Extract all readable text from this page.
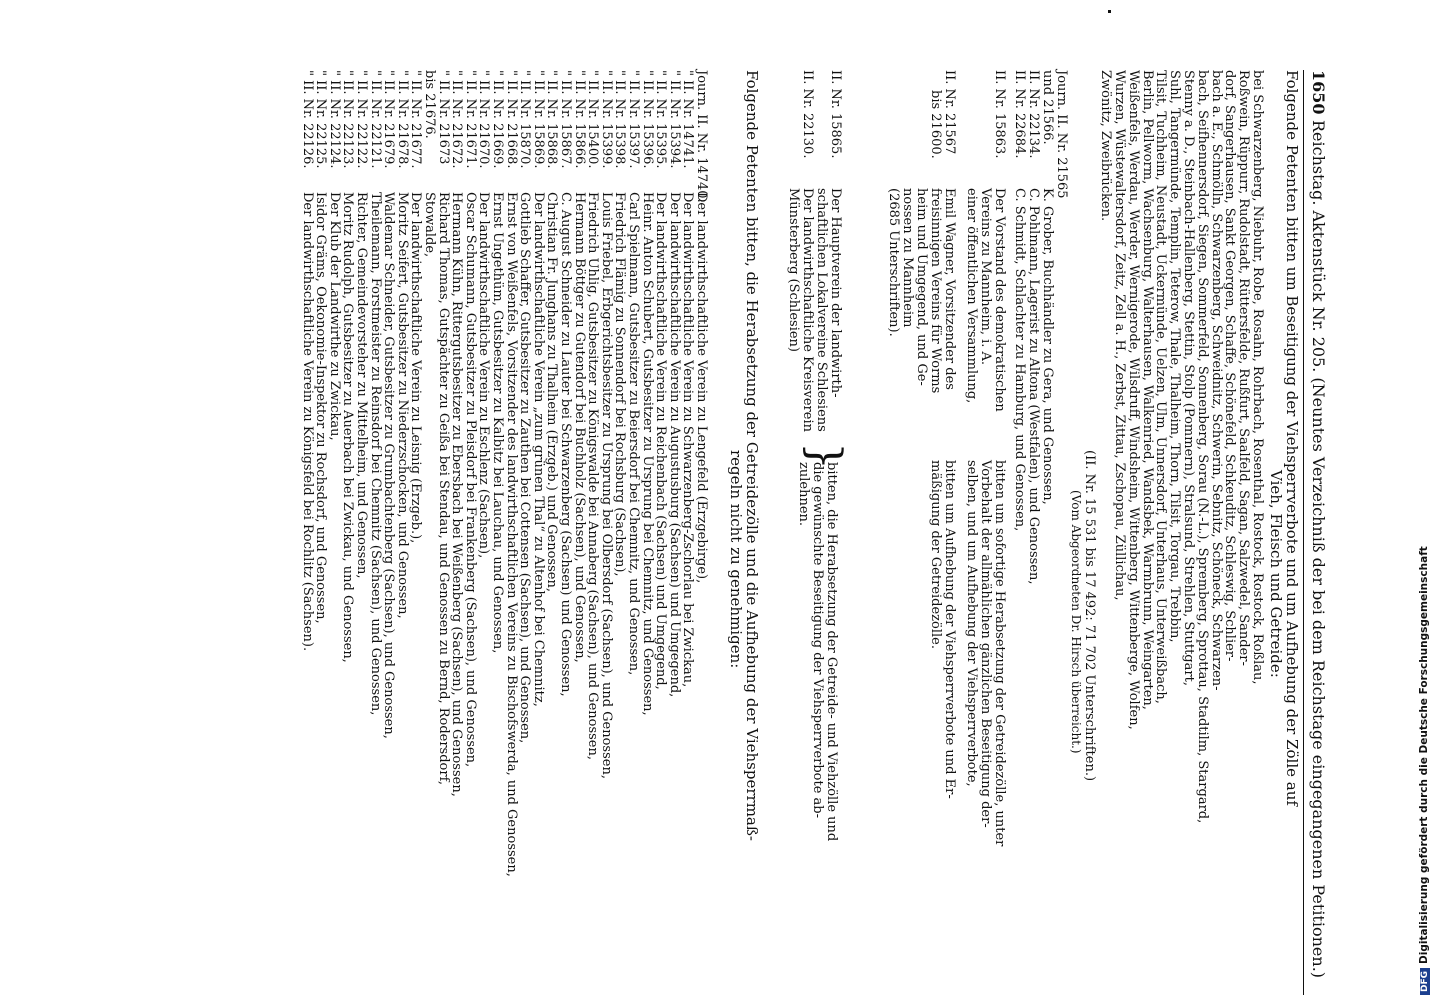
1650
Reichstag. Aktenstück Nr. 205. (Neuntes Verzeichniß der bei dem Reichstage eingegangenen Petitionen.)
Folgende Petenten bitten um Beseitigung der Viehsperrverbote und um Aufhebung der Zölle auf
Vieh, Fleisch und Getreide:
bei Schwarzenberg, Niebuhr, Robe, Rosahn, Rohrbach, Rosenthal, Rostock, Rostock, Roßlau,
Roßwein, Rüppurr, Rudolstadt, Rüttersfelde, Rußfurt, Saalfeld, Sagan, Salzwedel, Sander-
dorf, Sangerhausen, Sankt Georgen, Schaffe, Schönefeld, Schkeuditz, Schleswig, Schlier-
bach a. E., Schmölln, Schwarzenberg, Schweidnitz, Schwerin, Sebnitz, Schöneck, Schwarzen-
bach, Seifhennersdorf, Siegen, Sommerfeld, Sonnenberg, Sorau (N.-L.), Spremberg, Sprottau, Stadtilm, Stargard,
Stenny a. D., Steinbach-Hallenberg, Stettin, Stolp (Pommern), Stralsund, Strehlen, Stuttgart,
Suhl, Tangermünde, Templin, Teterow, Thale, Thalheim, Thorn, Tilsit, Torgau, Trebbin,
Tilsit, Tuchheim, Neustadt, Uckermünde, Uelzen, Ulm, Unnersdorf, Unterhaus, Unterweißbach,
Berlin, Pellworm, Wachsenburg, Walterhausen, Walkenried, Wandsbek, Warmbrunn, Weingarten,
Weißenfels, Werdau, Werder, Wernigerode, Wilsdruff, Windsheim, Wittenberg, Wittenberge, Wolfen,
Wurzen, Wüstewaltersdorf, Zeitz, Zell a. H., Zerbst, Zittau, Zschopau, Züllichau,
Zwönitz, Zweibrücken.
(II. Nr. 15 531 bis 17 492: 71 702 Unterschriften.)
(Vom Abgeordneten Dr. Hirsch überreicht.)
Journ. II. Nr. 21565
und 21566.
K. Grober, Buchhändler zu Gera, und Genossen,
II. Nr. 22134.
C. Pohlmann, Lagerist zu Altona (Westfalen), und Genossen,
II. Nr. 22684.
C. Schmidt, Schlachter zu Hamburg, und Genossen,
II. Nr. 15863.
Der Vorstand des demokratischen
Vereins zu Mannheim, i. A.
einer öffentlichen Versammlung,
bitten um sofortige Herabsetzung der Getreidezölle, unter
Vorbehalt der allmählichen gänzlichen Beseitigung der-
selben, und um Aufhebung der Viehsperrverbote,
II. Nr. 21567
bis 21600.
Emil Wagner, Vorsitzender des
freisinnigen Vereins für Worms
heim und Umgegend, und Ge-
nossen zu Mannheim
(2685 Unterschriften).
bitten um Aufhebung der Viehsperrverbote und Er-
mäßigung der Getreidezölle.
II. Nr. 15865.
Der Hauptverein der landwirth-
schaftlichen Lokalvereine Schlesiens
II. Nr. 22130.
Der landwirthschaftliche Kreisverein
Münsterberg (Schlesien)
}
bitten, die Herabsetzung der Getreide- und Viehzölle und
die gewünschte Beseitigung der Viehsperrverbote ab-
zulehnen.
Folgende Petenten bitten, die Herabsetzung der Getreidezölle und die Aufhebung der Viehsperrmaß-
regeln nicht zu genehmigen:
Journ. II. Nr. 14740.
Der landwirthschaftliche Verein zu Lengefeld (Erzgebirge),
" II. Nr. 14741.
Der landwirthschaftliche Verein zu Schwarzenberg-Zschorlau bei Zwickau,
" II. Nr. 15394.
Der landwirthschaftliche Verein zu Augustusburg (Sachsen) und Umgegend,
" II. Nr. 15395.
Der landwirthschaftliche Verein zu Reichenbach (Sachsen) und Umgegend,
" II. Nr. 15396.
Heinr. Anton Schubert, Gutsbesitzer zu Ursprung bei Chemnitz, und Genossen,
" II. Nr. 15397.
Carl Spielmann, Gutsbesitzer zu Beiersdorf bei Chemnitz, und Genossen,
" II. Nr. 15398.
Friedrich Flämig zu Sonnendorf bei Rochsburg (Sachsen),
" II. Nr. 15399.
Louis Friebel, Erbgerichtsbesitzer zu Ursprung bei Olbersdorf (Sachsen), und Genossen,
" II. Nr. 15400.
Friedrich Uhlig, Gutsbesitzer zu Königswalde bei Annaberg (Sachsen), und Genossen,
" II. Nr. 15866.
Hermann Böttger zu Gutendorf bei Buchholz (Sachsen), und Genossen,
" II. Nr. 15867.
C. August Schneider zu Lauter bei Schwarzenberg (Sachsen) und Genossen,
" II. Nr. 15868.
Christian Fr. Junghans zu Thalheim (Erzgeb.) und Genossen,
" II. Nr. 15869.
Der landwirthschaftliche Verein „zum grünen Thal“ zu Altenhof bei Chemnitz,
" II. Nr. 15870.
Gottlieb Schaffer, Gutsbesitzer zu Zauthen bei Cottensen (Sachsen), und Genossen,
" II. Nr. 21668.
Ernst von Weißenfels, Vorsitzender des landwirthschaftlichen Vereins zu Bischofswerda, und Genossen,
" II. Nr. 21669.
Ernst Ungethüm, Gutsbesitzer zu Kalbitz bei Lauchau, und Genossen,
" II. Nr. 21670.
Der landwirthschaftliche Verein zu Eschlenz (Sachsen),
" II. Nr. 21671.
Oscar Schumann, Gutsbesitzer zu Pleisdorf bei Frankenberg (Sachsen), und Genossen,
" II. Nr. 21672.
Hermann Kühn, Rittergutsbesitzer zu Ebersbach bei Weißenberg (Sachsen), und Genossen,
" II. Nr. 21673
Richard Thomas, Gutspächter zu Geißa bei Stendau, und Genossen zu Bernd, Rodersdorf,
bis 21676.
Stowalde,
" II. Nr. 21677.
Der landwirthschaftliche Verein zu Leisnig (Erzgeb.),
" II. Nr. 21678.
Moritz Seifert, Gutsbesitzer zu Niederzschocken, und Genossen,
" II. Nr. 21679.
Waldemar Schneider, Gutsbesitzer zu Grumbachtenberg (Sachsen), und Genossen,
" II. Nr. 22121.
Theilemann, Forstmeister zu Reinsdorf bei Chemnitz (Sachsen), und Genossen,
" II. Nr. 22122.
Richter, Gemeindevorsteher zu Mittelheim, und Genossen,
" II. Nr. 22123.
Moritz Rudolph, Gutsbesitzer zu Auerbach bei Zwickau, und Genossen,
" II. Nr. 22124.
Der Klub der Landwirthe zu Zwickau,
" II. Nr. 22125.
Isidor Gräms, Oekonomie-Inspektor zu Rochsdorf, und Genossen,
" II. Nr. 22126.
Der landwirthschaftliche Verein zu Königsfeld bei Rochlitz (Sachsen).
DFGDigitalisierung gefördert durch die Deutsche Forschungsgemeinschaft
